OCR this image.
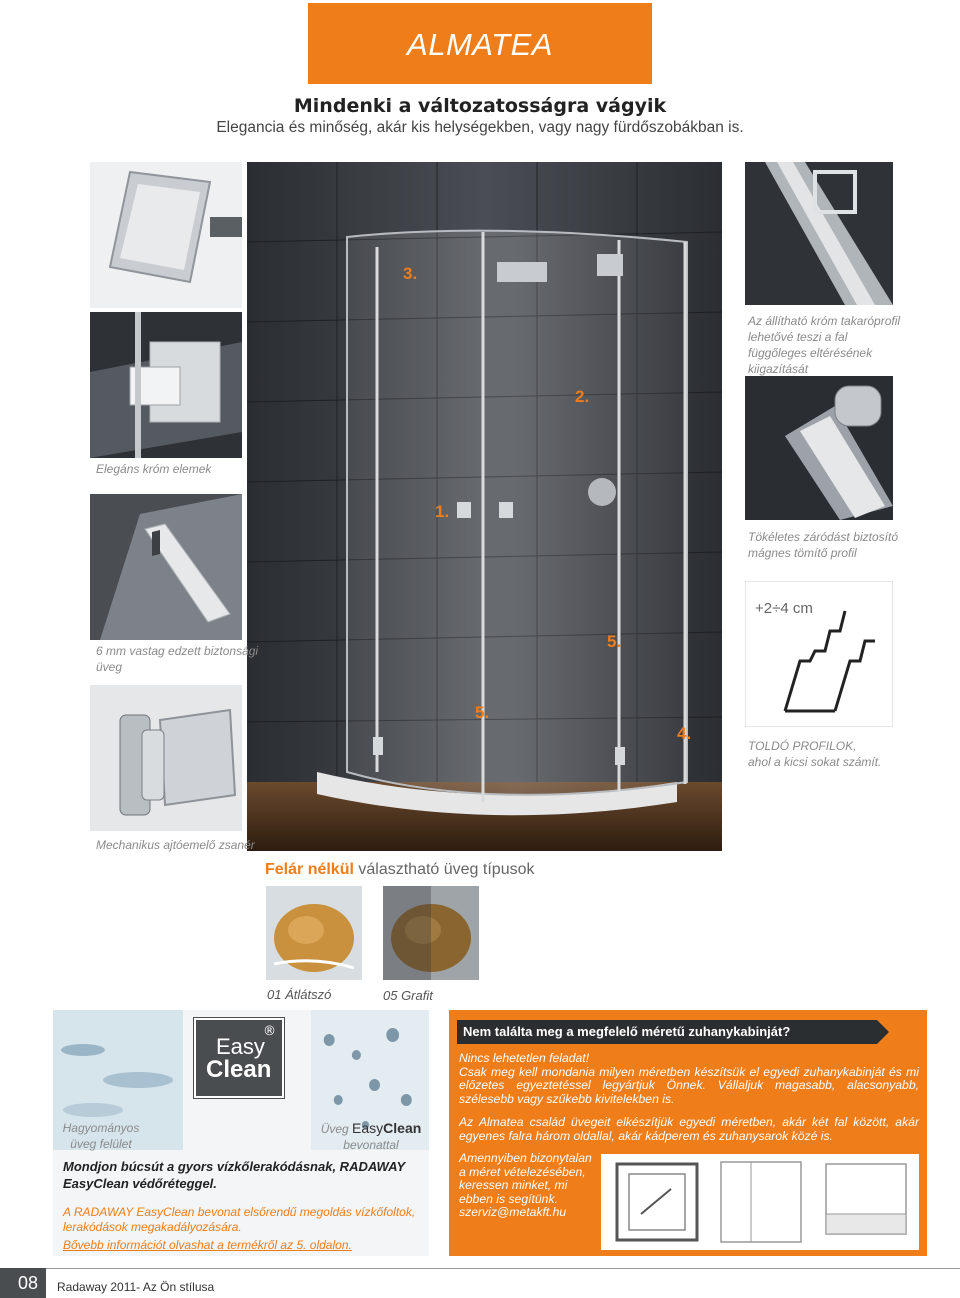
ALMATEA
Mindenki a változatosságra vágyik
Elegancia és minőség, akár kis helységekben, vagy nagy fürdőszobákban is.
3.
2.
1.
5.
5.
4.
Elegáns króm elemek
6 mm vastag edzett biztonsági üveg
Mechanikus ajtóemelő zsanér
Az állítható króm takaróprofil lehetővé teszi a fal függőleges eltérésének kiigazítását
Tökéletes záródást biztosító mágnes tömítő profil
+2÷4 cm
TOLDÓ PROFILOK,
ahol a kicsi sokat számít.
Felár nélkül választható üveg típusok
01 Átlátszó	05 Grafit
Easy
Clean
®
Hagyományos üveg felület
Üveg EasyClean
bevonattal
Mondjon búcsút a gyors vízkőlerakódásnak, RADAWAY EasyClean védőréteggel.
A RADAWAY EasyClean bevonat elsőrendű megoldás vízkőfoltok, lerakódások megakadályozására.
Bővebb információt olvashat a termékről az 5. oldalon.
Nem találta meg a megfelelő méretű zuhanykabinját?
Nincs lehetetlen feladat!
Csak meg kell mondania milyen méretben készítsük el egyedi zuhanykabinját és mi előzetes egyeztetéssel legyártjuk Önnek. Vállaljuk magasabb, alacsonyabb, szélesebb vagy szűkebb kivitelekben is.
Az Almatea család üvegeit elkészítjük egyedi méretben, akár két fal között, akár egyenes falra három oldallal, akár kádperem és zuhanysarok közé is.
Amennyiben bizonytalan a méret vételezésében, keressen minket, mi ebben is segítünk.
szerviz@metakft.hu
08 Radaway 2011- Az Ön stílusa
